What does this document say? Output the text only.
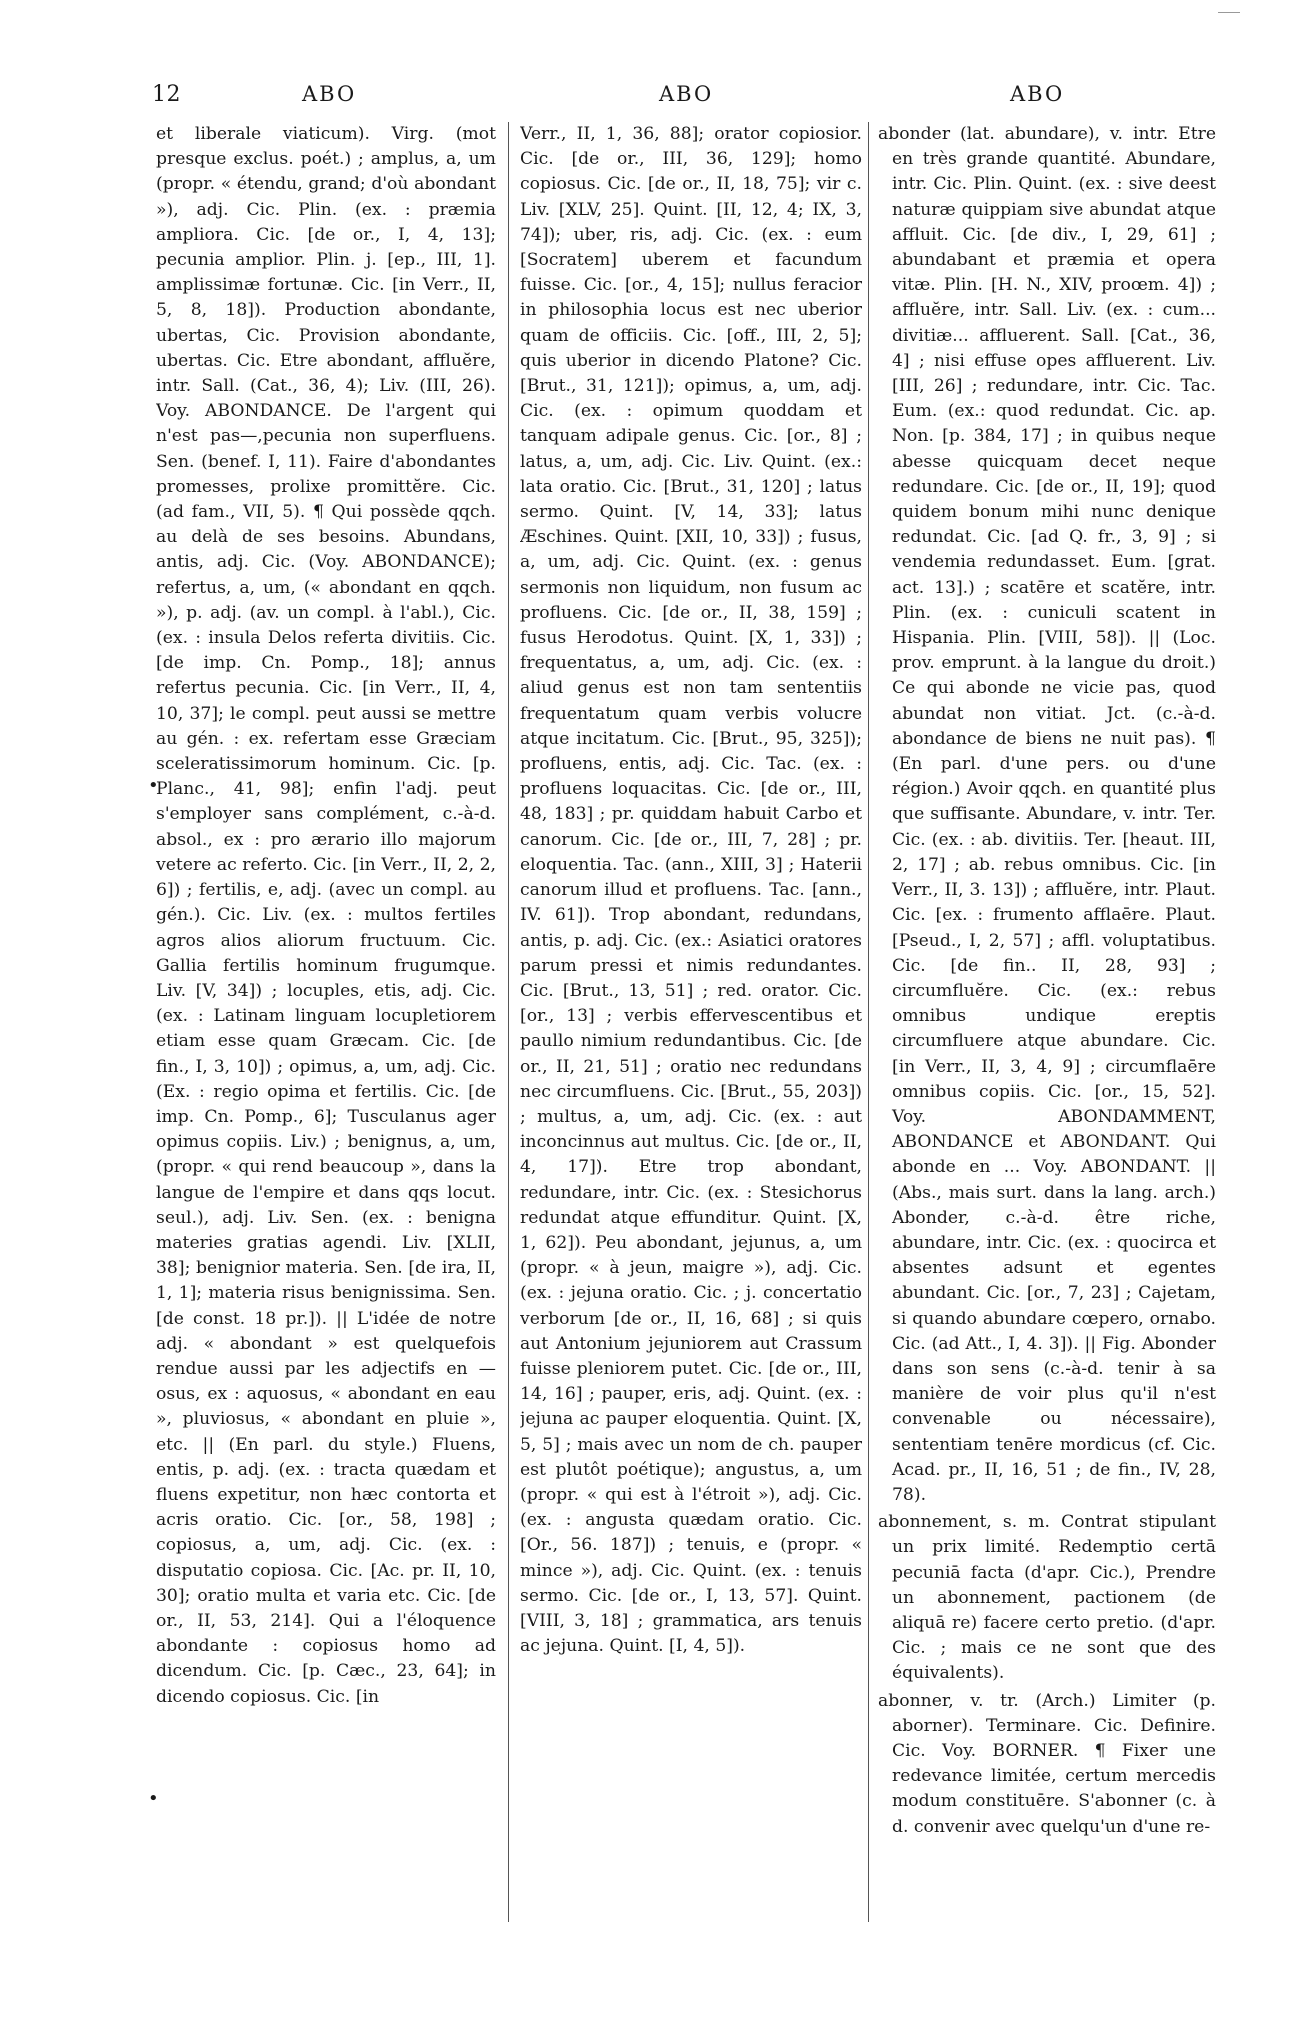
12	ABO	ABO	ABO
•
•

et liberale viaticum). Virg. (mot presque exclus. poét.) ; amplus, a, um (propr. « étendu, grand; d'où abondant »), adj. Cic. Plin. (ex. : præmia ampliora. Cic. [de or., I, 4, 13]; pecunia amplior. Plin. j. [ep., III, 1]. amplissimæ fortunæ. Cic. [in Verr., II, 5, 8, 18]). Production abondante, ubertas, Cic. Provision abondante, ubertas. Cic. Etre abondant, affluĕre, intr. Sall. (Cat., 36, 4); Liv. (III, 26). Voy. ABONDANCE. De l'argent qui n'est pas—,pecunia non superfluens. Sen. (benef. I, 11). Faire d'abondantes promesses, prolixe promittĕre. Cic. (ad fam., VII, 5). ¶ Qui possède qqch. au delà de ses besoins. Abundans, antis, adj. Cic. (Voy. ABONDANCE); refertus, a, um, (« abondant en qqch. »), p. adj. (av. un compl. à l'abl.), Cic. (ex. : insula Delos referta divitiis. Cic. [de imp. Cn. Pomp., 18]; annus refertus pecunia. Cic. [in Verr., II, 4, 10, 37]; le compl. peut aussi se mettre au gén. : ex. refertam esse Græciam sceleratissimorum hominum. Cic. [p. Planc., 41, 98]; enfin l'adj. peut s'employer sans complément, c.-à-d. absol., ex : pro ærario illo majorum vetere ac referto. Cic. [in Verr., II, 2, 2, 6]) ; fertilis, e, adj. (avec un compl. au gén.). Cic. Liv. (ex. : multos fertiles agros alios aliorum fructuum. Cic. Gallia fertilis hominum frugumque. Liv. [V, 34]) ; locuples, etis, adj. Cic. (ex. : Latinam linguam locupletiorem etiam esse quam Græcam. Cic. [de fin., I, 3, 10]) ; opimus, a, um, adj. Cic. (Ex. : regio opima et fertilis. Cic. [de imp. Cn. Pomp., 6]; Tusculanus ager opimus copiis. Liv.) ; benignus, a, um, (propr. « qui rend beaucoup », dans la langue de l'empire et dans qqs locut. seul.), adj. Liv. Sen. (ex. : benigna materies gratias agendi. Liv. [XLII, 38]; benignior materia. Sen. [de ira, II, 1, 1]; materia risus benignissima. Sen. [de const. 18 pr.]). || L'idée de notre adj. « abondant » est quelquefois rendue aussi par les adjectifs en — osus, ex : aquosus, « abondant en eau », pluviosus, « abondant en pluie », etc. || (En parl. du style.) Fluens, entis, p. adj. (ex. : tracta quædam et fluens expetitur, non hæc contorta et acris oratio. Cic. [or., 58, 198] ; copiosus, a, um, adj. Cic. (ex. : disputatio copiosa. Cic. [Ac. pr. II, 10, 30]; oratio multa et varia etc. Cic. [de or., II, 53, 214]. Qui a l'éloquence abondante : copiosus homo ad dicendum. Cic. [p. Cæc., 23, 64]; in dicendo copiosus. Cic. [in

Verr., II, 1, 36, 88]; orator copiosior. Cic. [de or., III, 36, 129]; homo copiosus. Cic. [de or., II, 18, 75]; vir c. Liv. [XLV, 25]. Quint. [II, 12, 4; IX, 3, 74]); uber, ris, adj. Cic. (ex. : eum [Socratem] uberem et facundum fuisse. Cic. [or., 4, 15]; nullus feracior in philosophia locus est nec uberior quam de officiis. Cic. [off., III, 2, 5]; quis uberior in dicendo Platone? Cic. [Brut., 31, 121]); opimus, a, um, adj. Cic. (ex. : opimum quoddam et tanquam adipale genus. Cic. [or., 8] ; latus, a, um, adj. Cic. Liv. Quint. (ex.: lata oratio. Cic. [Brut., 31, 120] ; latus sermo. Quint. [V, 14, 33]; latus Æschines. Quint. [XII, 10, 33]) ; fusus, a, um, adj. Cic. Quint. (ex. : genus sermonis non liquidum, non fusum ac profluens. Cic. [de or., II, 38, 159] ; fusus Herodotus. Quint. [X, 1, 33]) ; frequentatus, a, um, adj. Cic. (ex. : aliud genus est non tam sententiis frequentatum quam verbis volucre atque incitatum. Cic. [Brut., 95, 325]); profluens, entis, adj. Cic. Tac. (ex. : profluens loquacitas. Cic. [de or., III, 48, 183] ; pr. quiddam habuit Carbo et canorum. Cic. [de or., III, 7, 28] ; pr. eloquentia. Tac. (ann., XIII, 3] ; Haterii canorum illud et profluens. Tac. [ann., IV. 61]). Trop abondant, redundans, antis, p. adj. Cic. (ex.: Asiatici oratores parum pressi et nimis redundantes. Cic. [Brut., 13, 51] ; red. orator. Cic. [or., 13] ; verbis effervescentibus et paullo nimium redundantibus. Cic. [de or., II, 21, 51] ; oratio nec redundans nec circumfluens. Cic. [Brut., 55, 203]) ; multus, a, um, adj. Cic. (ex. : aut inconcinnus aut multus. Cic. [de or., II, 4, 17]). Etre trop abondant, redundare, intr. Cic. (ex. : Stesichorus redundat atque effunditur. Quint. [X, 1, 62]). Peu abondant, jejunus, a, um (propr. « à jeun, maigre »), adj. Cic. (ex. : jejuna oratio. Cic. ; j. concertatio verborum [de or., II, 16, 68] ; si quis aut Antonium jejuniorem aut Crassum fuisse pleniorem putet. Cic. [de or., III, 14, 16] ; pauper, eris, adj. Quint. (ex. : jejuna ac pauper eloquentia. Quint. [X, 5, 5] ; mais avec un nom de ch. pauper est plutôt poétique); angustus, a, um (propr. « qui est à l'étroit »), adj. Cic. (ex. : angusta quædam oratio. Cic. [Or., 56. 187]) ; tenuis, e (propr. « mince »), adj. Cic. Quint. (ex. : tenuis sermo. Cic. [de or., I, 13, 57]. Quint. [VIII, 3, 18] ; grammatica, ars tenuis ac jejuna. Quint. [I, 4, 5]).

abonder (lat. abundare), v. intr. Etre en très grande quantité. Abundare, intr. Cic. Plin. Quint. (ex. : sive deest naturæ quippiam sive abundat atque affluit. Cic. [de div., I, 29, 61] ; abundabant et præmia et opera vitæ. Plin. [H. N., XIV, proœm. 4]) ; affluĕre, intr. Sall. Liv. (ex. : cum... divitiæ... affluerent. Sall. [Cat., 36, 4] ; nisi effuse opes affluerent. Liv. [III, 26] ; redundare, intr. Cic. Tac. Eum. (ex.: quod redundat. Cic. ap. Non. [p. 384, 17] ; in quibus neque abesse quicquam decet neque redundare. Cic. [de or., II, 19]; quod quidem bonum mihi nunc denique redundat. Cic. [ad Q. fr., 3, 9] ; si vendemia redundasset. Eum. [grat. act. 13].) ; scatēre et scatĕre, intr. Plin. (ex. : cuniculi scatent in Hispania. Plin. [VIII, 58]). || (Loc. prov. emprunt. à la langue du droit.) Ce qui abonde ne vicie pas, quod abundat non vitiat. Jct. (c.-à-d. abondance de biens ne nuit pas). ¶ (En parl. d'une pers. ou d'une région.) Avoir qqch. en quantité plus que suffisante. Abundare, v. intr. Ter. Cic. (ex. : ab. divitiis. Ter. [heaut. III, 2, 17] ; ab. rebus omnibus. Cic. [in Verr., II, 3. 13]) ; affluĕre, intr. Plaut. Cic. [ex. : frumento afflaēre. Plaut. [Pseud., I, 2, 57] ; affl. voluptatibus. Cic. [de fin.. II, 28, 93] ; circumfluĕre. Cic. (ex.: rebus omnibus undique ereptis circumfluere atque abundare. Cic. [in Verr., II, 3, 4, 9] ; circumflaēre omnibus copiis. Cic. [or., 15, 52]. Voy. ABONDAMMENT, ABONDANCE et ABONDANT. Qui abonde en ... Voy. ABONDANT. || (Abs., mais surt. dans la lang. arch.) Abonder, c.-à-d. être riche, abundare, intr. Cic. (ex. : quocirca et absentes adsunt et egentes abundant. Cic. [or., 7, 23] ; Cajetam, si quando abundare cœpero, ornabo. Cic. (ad Att., I, 4. 3]). || Fig. Abonder dans son sens (c.-à-d. tenir à sa manière de voir plus qu'il n'est convenable ou nécessaire), sententiam tenēre mordicus (cf. Cic. Acad. pr., II, 16, 51 ; de fin., IV, 28, 78).

abonnement, s. m. Contrat stipulant un prix limité. Redemptio certā pecuniā facta (d'apr. Cic.), Prendre un abonnement, pactionem (de aliquā re) facere certo pretio. (d'apr. Cic. ; mais ce ne sont que des équivalents).

abonner, v. tr. (Arch.) Limiter (p. aborner). Terminare. Cic. Definire. Cic. Voy. BORNER. ¶ Fixer une redevance limitée, certum mercedis modum constituēre. S'abonner (c. à d. convenir avec quelqu'un d'une re-
